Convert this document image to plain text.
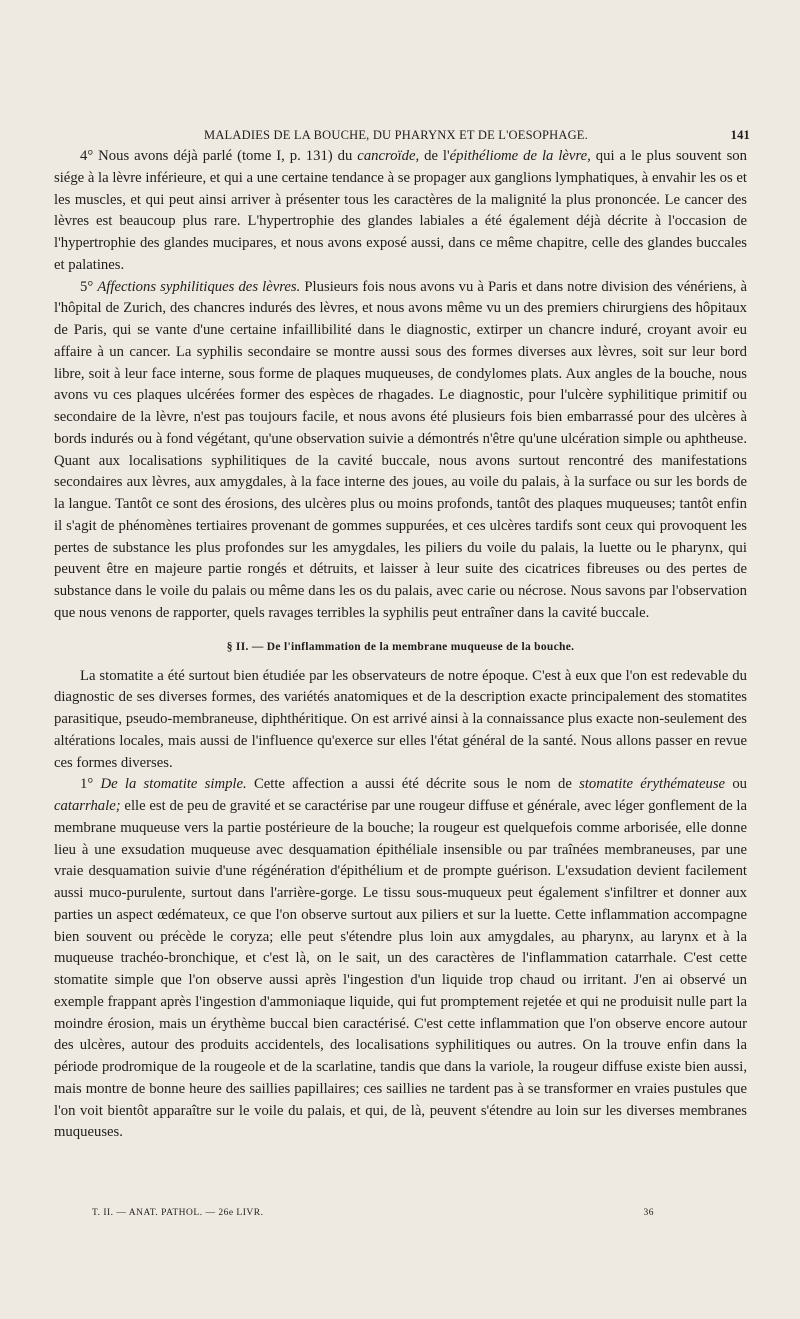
MALADIES DE LA BOUCHE, DU PHARYNX ET DE L'OESOPHAGE.	141

4° Nous avons déjà parlé (tome I, p. 131) du cancroïde, de l'épithéliome de la lèvre, qui a le plus souvent son siége à la lèvre inférieure, et qui a une certaine tendance à se propager aux ganglions lymphatiques, à envahir les os et les muscles, et qui peut ainsi arriver à présenter tous les caractères de la malignité la plus prononcée. Le cancer des lèvres est beaucoup plus rare. L'hypertrophie des glandes labiales a été également déjà décrite à l'occasion de l'hypertrophie des glandes mucipares, et nous avons exposé aussi, dans ce même chapitre, celle des glandes buccales et palatines.

5° Affections syphilitiques des lèvres. Plusieurs fois nous avons vu à Paris et dans notre division des vénériens, à l'hôpital de Zurich, des chancres indurés des lèvres, et nous avons même vu un des premiers chirurgiens des hôpitaux de Paris, qui se vante d'une certaine infaillibilité dans le diagnostic, extirper un chancre induré, croyant avoir eu affaire à un cancer. La syphilis secondaire se montre aussi sous des formes diverses aux lèvres, soit sur leur bord libre, soit à leur face interne, sous forme de plaques muqueuses, de condylomes plats. Aux angles de la bouche, nous avons vu ces plaques ulcérées former des espèces de rhagades. Le diagnostic, pour l'ulcère syphilitique primitif ou secondaire de la lèvre, n'est pas toujours facile, et nous avons été plusieurs fois bien embarrassé pour des ulcères à bords indurés ou à fond végétant, qu'une observation suivie a démontrés n'être qu'une ulcération simple ou aphtheuse. Quant aux localisations syphilitiques de la cavité buccale, nous avons surtout rencontré des manifestations secondaires aux lèvres, aux amygdales, à la face interne des joues, au voile du palais, à la surface ou sur les bords de la langue. Tantôt ce sont des érosions, des ulcères plus ou moins profonds, tantôt des plaques muqueuses; tantôt enfin il s'agit de phénomènes tertiaires provenant de gommes suppurées, et ces ulcères tardifs sont ceux qui provoquent les pertes de substance les plus profondes sur les amygdales, les piliers du voile du palais, la luette ou le pharynx, qui peuvent être en majeure partie rongés et détruits, et laisser à leur suite des cicatrices fibreuses ou des pertes de substance dans le voile du palais ou même dans les os du palais, avec carie ou nécrose. Nous savons par l'observation que nous venons de rapporter, quels ravages terribles la syphilis peut entraîner dans la cavité buccale.

§ II. — De l'inflammation de la membrane muqueuse de la bouche.

La stomatite a été surtout bien étudiée par les observateurs de notre époque. C'est à eux que l'on est redevable du diagnostic de ses diverses formes, des variétés anatomiques et de la description exacte principalement des stomatites parasitique, pseudo-membraneuse, diphthéritique. On est arrivé ainsi à la connaissance plus exacte non-seulement des altérations locales, mais aussi de l'influence qu'exerce sur elles l'état général de la santé. Nous allons passer en revue ces formes diverses.

1° De la stomatite simple. Cette affection a aussi été décrite sous le nom de stomatite érythémateuse ou catarrhale; elle est de peu de gravité et se caractérise par une rougeur diffuse et générale, avec léger gonflement de la membrane muqueuse vers la partie postérieure de la bouche; la rougeur est quelquefois comme arborisée, elle donne lieu à une exsudation muqueuse avec desquamation épithéliale insensible ou par traînées membraneuses, par une vraie desquamation suivie d'une régénération d'épithélium et de prompte guérison. L'exsudation devient facilement aussi muco-purulente, surtout dans l'arrière-gorge. Le tissu sous-muqueux peut également s'infiltrer et donner aux parties un aspect œdémateux, ce que l'on observe surtout aux piliers et sur la luette. Cette inflammation accompagne bien souvent ou précède le coryza; elle peut s'étendre plus loin aux amygdales, au pharynx, au larynx et à la muqueuse trachéo-bronchique, et c'est là, on le sait, un des caractères de l'inflammation catarrhale. C'est cette stomatite simple que l'on observe aussi après l'ingestion d'un liquide trop chaud ou irritant. J'en ai observé un exemple frappant après l'ingestion d'ammoniaque liquide, qui fut promptement rejetée et qui ne produisit nulle part la moindre érosion, mais un érythème buccal bien caractérisé. C'est cette inflammation que l'on observe encore autour des ulcères, autour des produits accidentels, des localisations syphilitiques ou autres. On la trouve enfin dans la période prodromique de la rougeole et de la scarlatine, tandis que dans la variole, la rougeur diffuse existe bien aussi, mais montre de bonne heure des saillies papillaires; ces saillies ne tardent pas à se transformer en vraies pustules que l'on voit bientôt apparaître sur le voile du palais, et qui, de là, peuvent s'étendre au loin sur les diverses membranes muqueuses.

T. II. — ANAT. PATHOL. — 26e LIVR.	36
